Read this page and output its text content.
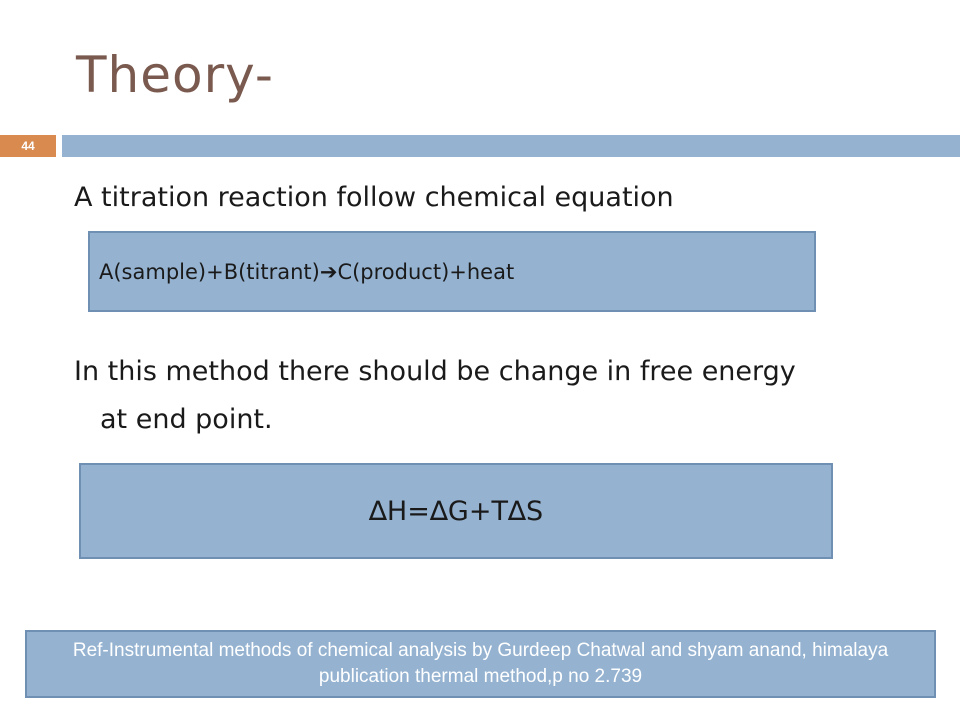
Theory-
44
A titration reaction follow chemical equation
A(sample)+B(titrant) ➔ C(product)+heat
In this method there should be change in free energy
at end point.
∆H=∆G+T∆S
Ref-Instrumental methods of chemical analysis by Gurdeep Chatwal and shyam anand, himalaya publication thermal method,p no 2.739
